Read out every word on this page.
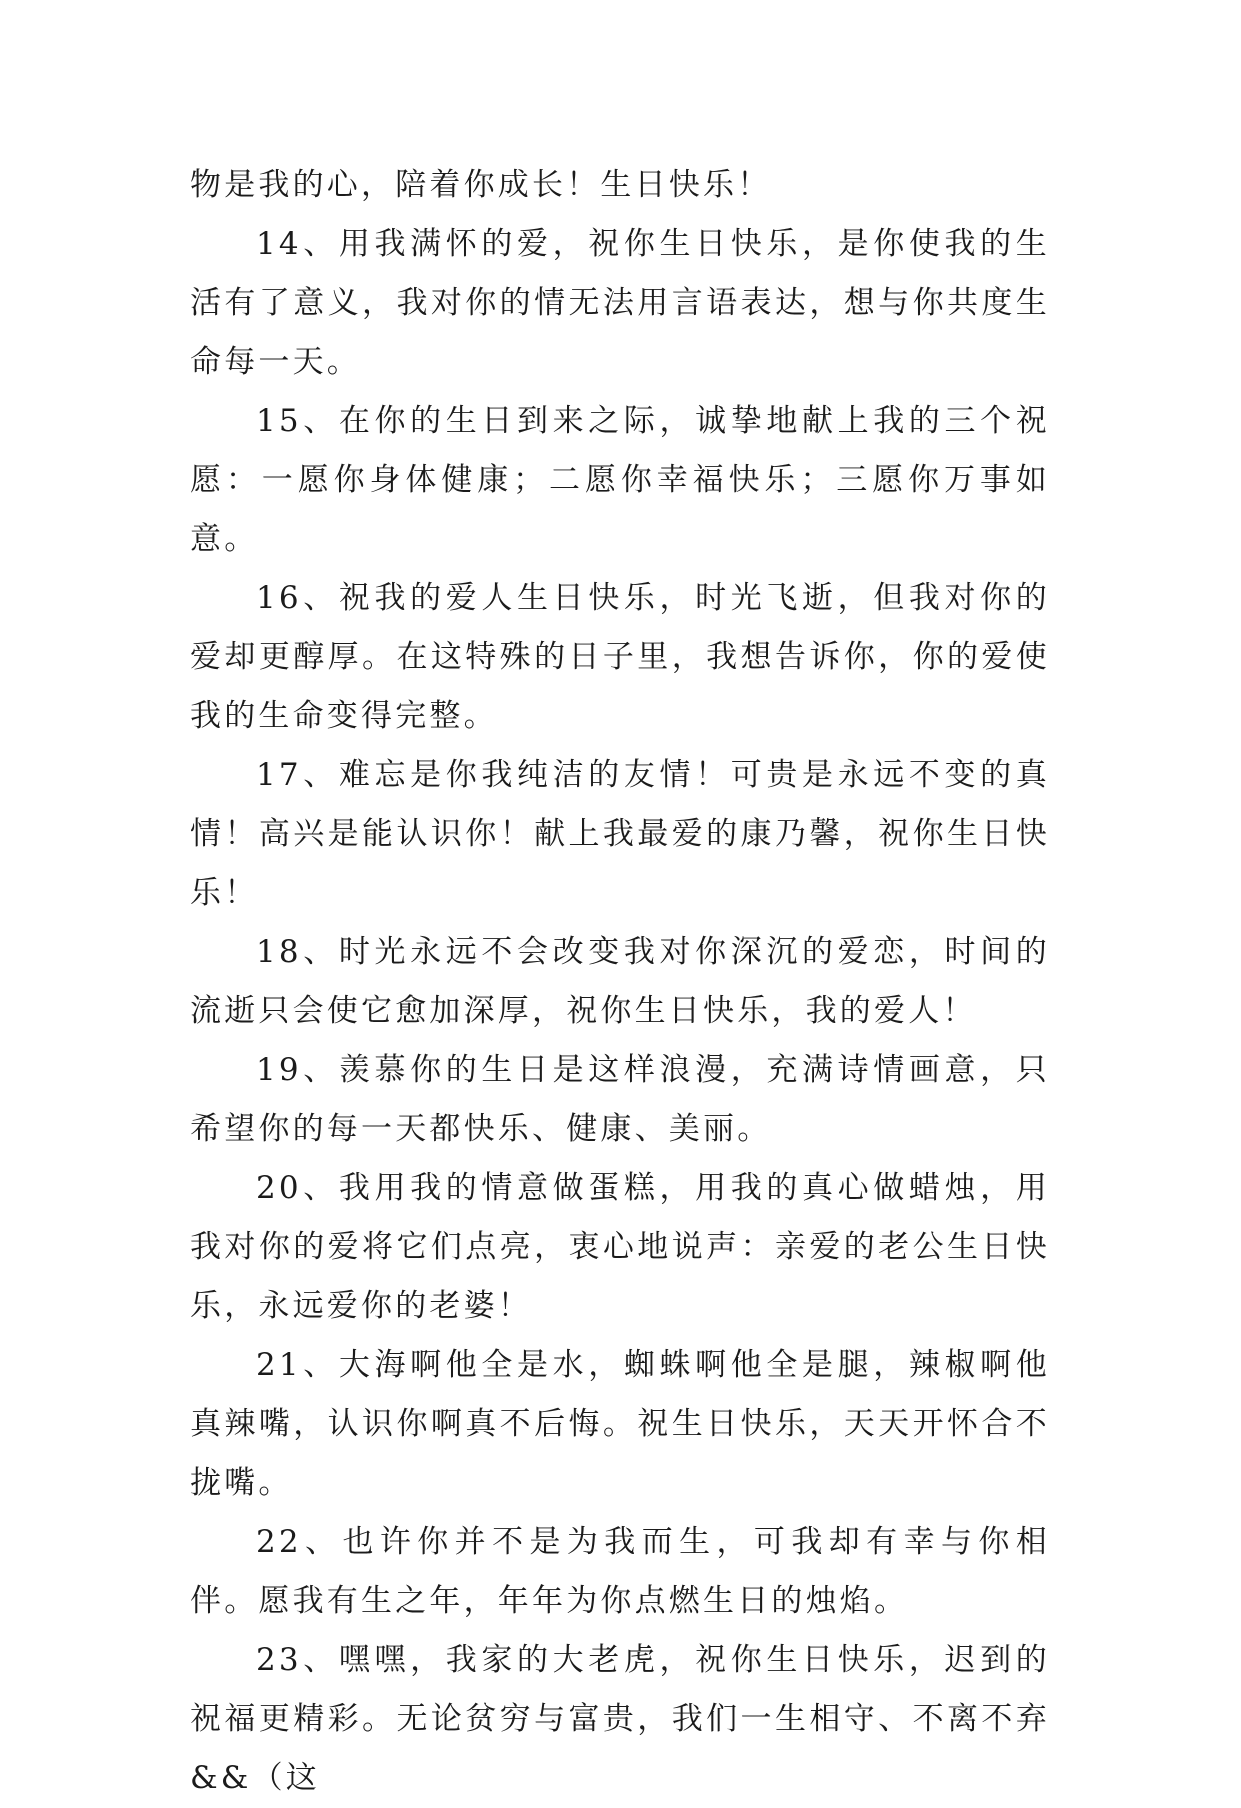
物是我的心，陪着你成长！生日快乐！

14、用我满怀的爱，祝你生日快乐，是你使我的生活有了意义，我对你的情无法用言语表达，想与你共度生命每一天。

15、在你的生日到来之际，诚挚地献上我的三个祝愿：一愿你身体健康；二愿你幸福快乐；三愿你万事如意。

16、祝我的爱人生日快乐，时光飞逝，但我对你的爱却更醇厚。在这特殊的日子里，我想告诉你，你的爱使我的生命变得完整。

17、难忘是你我纯洁的友情！可贵是永远不变的真情！高兴是能认识你！献上我最爱的康乃馨，祝你生日快乐！

18、时光永远不会改变我对你深沉的爱恋，时间的流逝只会使它愈加深厚，祝你生日快乐，我的爱人！

19、羡慕你的生日是这样浪漫，充满诗情画意，只希望你的每一天都快乐、健康、美丽。

20、我用我的情意做蛋糕，用我的真心做蜡烛，用我对你的爱将它们点亮，衷心地说声：亲爱的老公生日快乐，永远爱你的老婆！

21、大海啊他全是水，蜘蛛啊他全是腿，辣椒啊他真辣嘴，认识你啊真不后悔。祝生日快乐，天天开怀合不拢嘴。

22、也许你并不是为我而生，可我却有幸与你相伴。愿我有生之年，年年为你点燃生日的烛焰。

23、嘿嘿，我家的大老虎，祝你生日快乐，迟到的祝福更精彩。无论贫穷与富贵，我们一生相守、不离不弃&&（这
